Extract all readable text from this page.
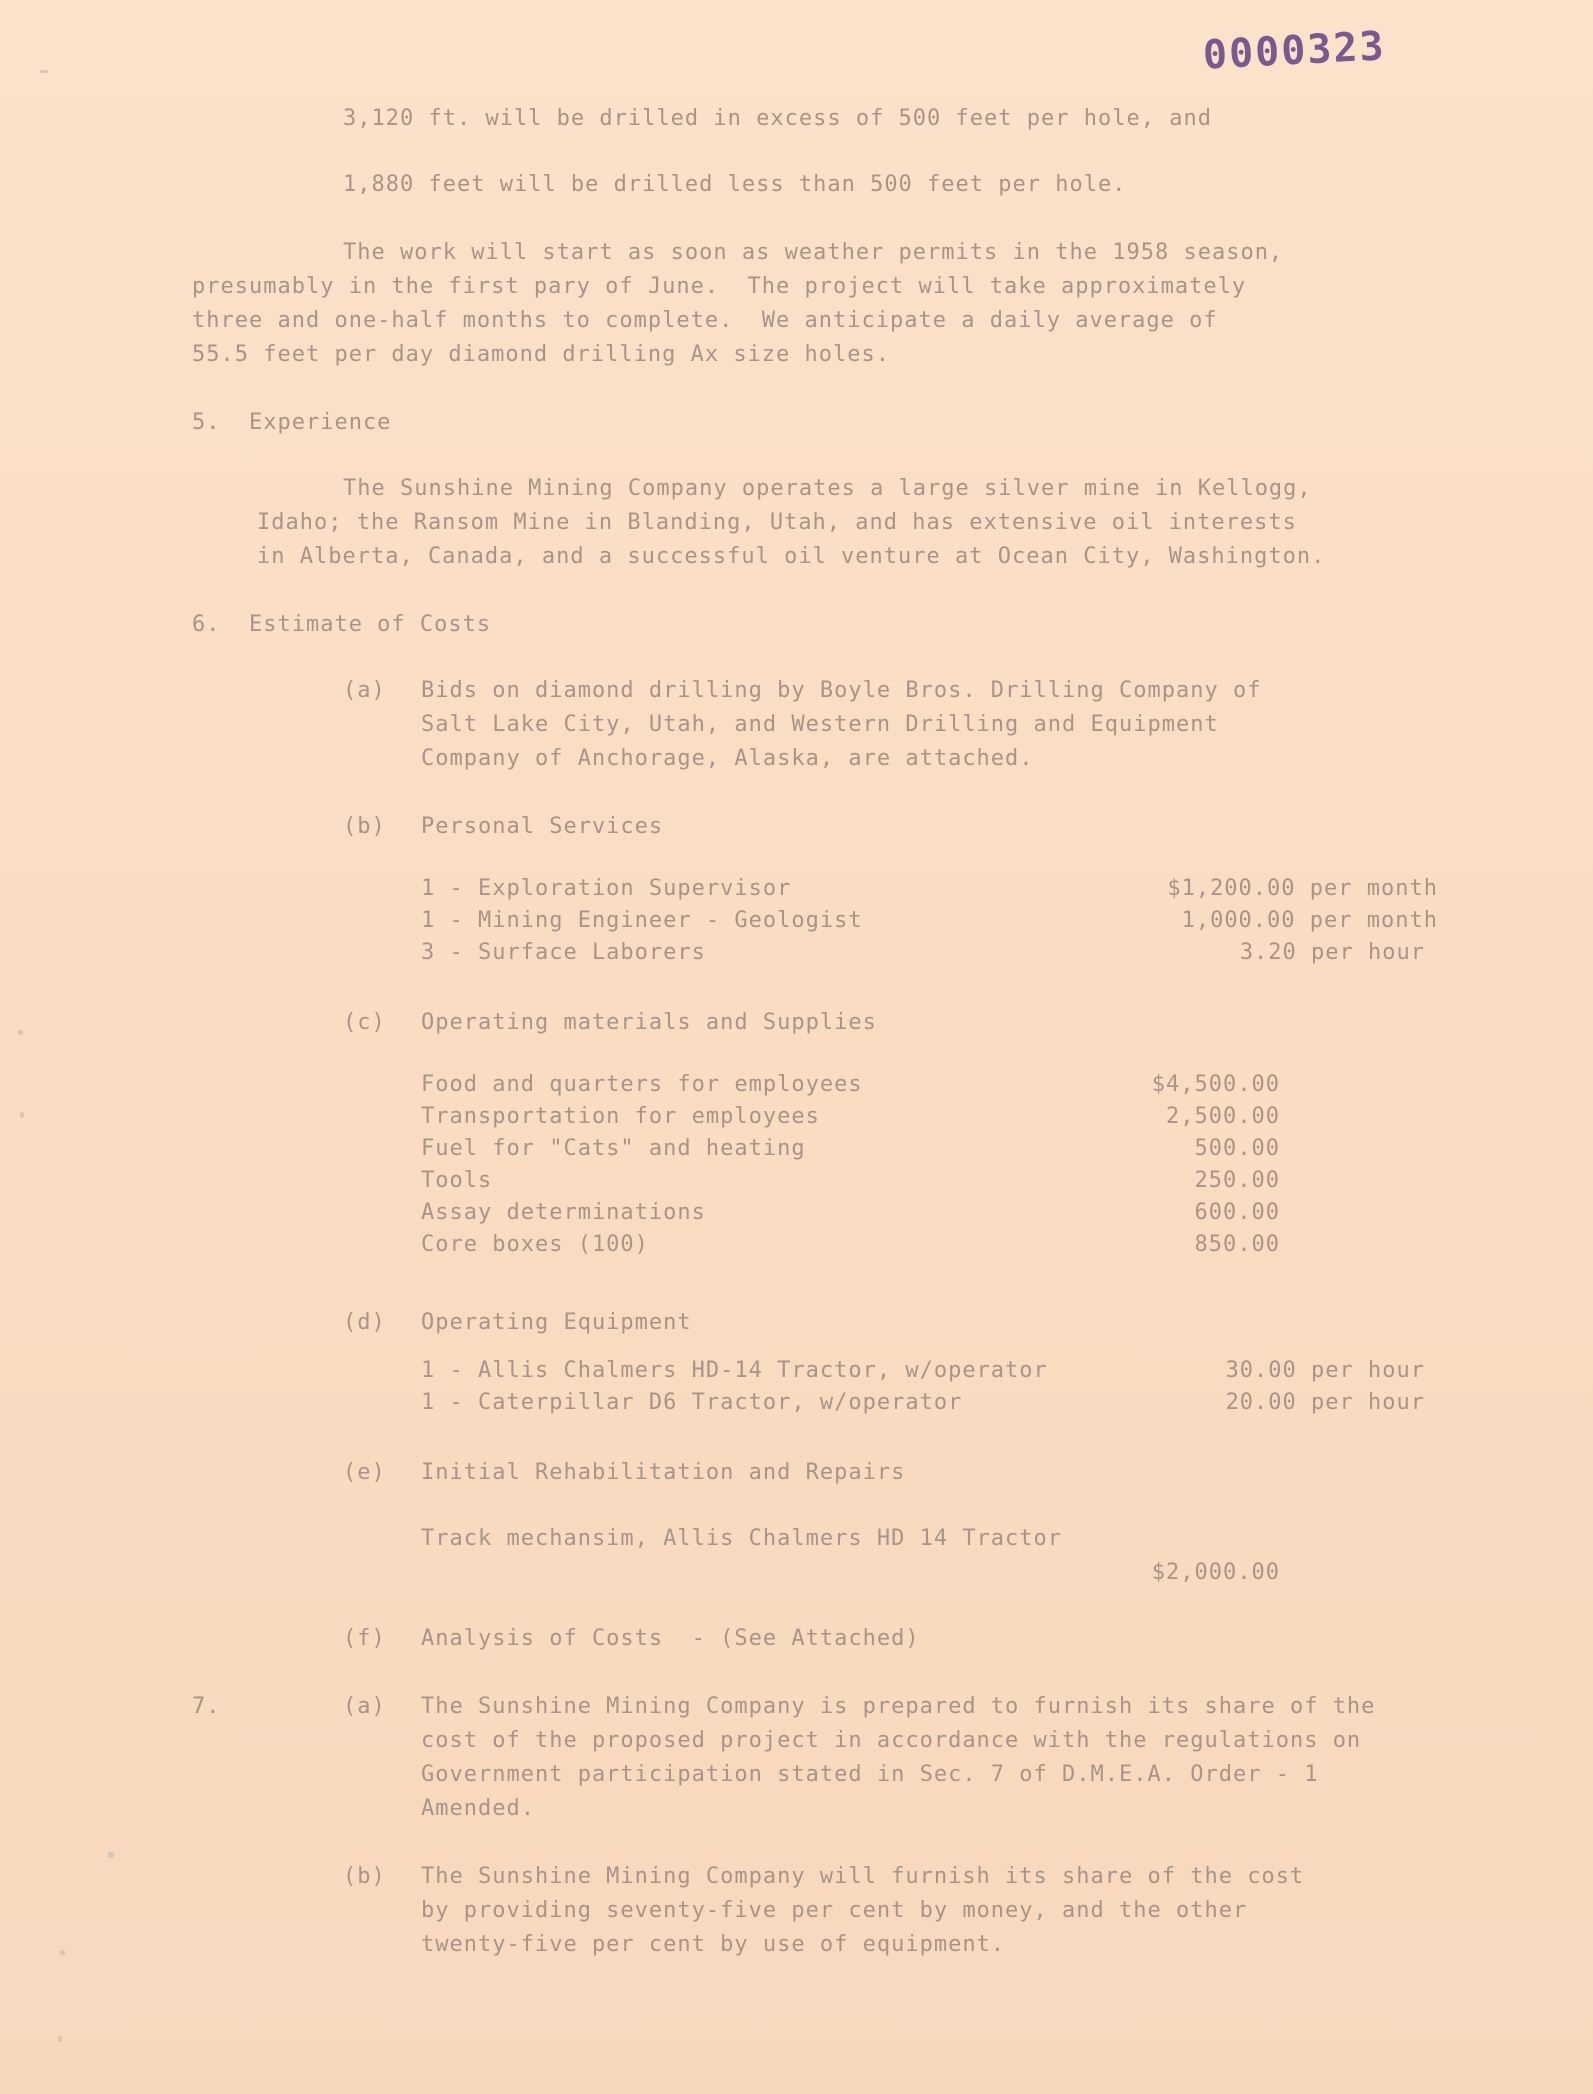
0000323
3,120 ft. will be drilled in excess of 500 feet per hole, and
1,880 feet will be drilled less than 500 feet per hole.
The work will start as soon as weather permits in the 1958 season,
presumably in the first pary of June.  The project will take approximately
three and one-half months to complete.  We anticipate a daily average of
55.5 feet per day diamond drilling Ax size holes.
5.  Experience
The Sunshine Mining Company operates a large silver mine in Kellogg,
Idaho; the Ransom Mine in Blanding, Utah, and has extensive oil interests
in Alberta, Canada, and a successful oil venture at Ocean City, Washington.
6.  Estimate of Costs
(a) Bids on diamond drilling by Boyle Bros. Drilling Company of
Salt Lake City, Utah, and Western Drilling and Equipment
Company of Anchorage, Alaska, are attached.
(b) Personal Services
1 - Exploration Supervisor	$1,200.00 per month
1 - Mining Engineer - Geologist	1,000.00 per month
3 - Surface Laborers	3.20 per hour
(c) Operating materials and Supplies
Food and quarters for employees	$4,500.00
Transportation for employees	2,500.00
Fuel for "Cats" and heating	500.00
Tools	250.00
Assay determinations	600.00
Core boxes (100)	850.00
(d) Operating Equipment
1 - Allis Chalmers HD-14 Tractor, w/operator	30.00 per hour
1 - Caterpillar D6 Tractor, w/operator	20.00 per hour
(e) Initial Rehabilitation and Repairs
Track mechansim, Allis Chalmers HD 14 Tractor
$2,000.00
(f) Analysis of Costs  - (See Attached)
7.	(a) The Sunshine Mining Company is prepared to furnish its share of the
cost of the proposed project in accordance with the regulations on
Government participation stated in Sec. 7 of D.M.E.A. Order - 1
Amended.
(b) The Sunshine Mining Company will furnish its share of the cost
by providing seventy-five per cent by money, and the other
twenty-five per cent by use of equipment.
